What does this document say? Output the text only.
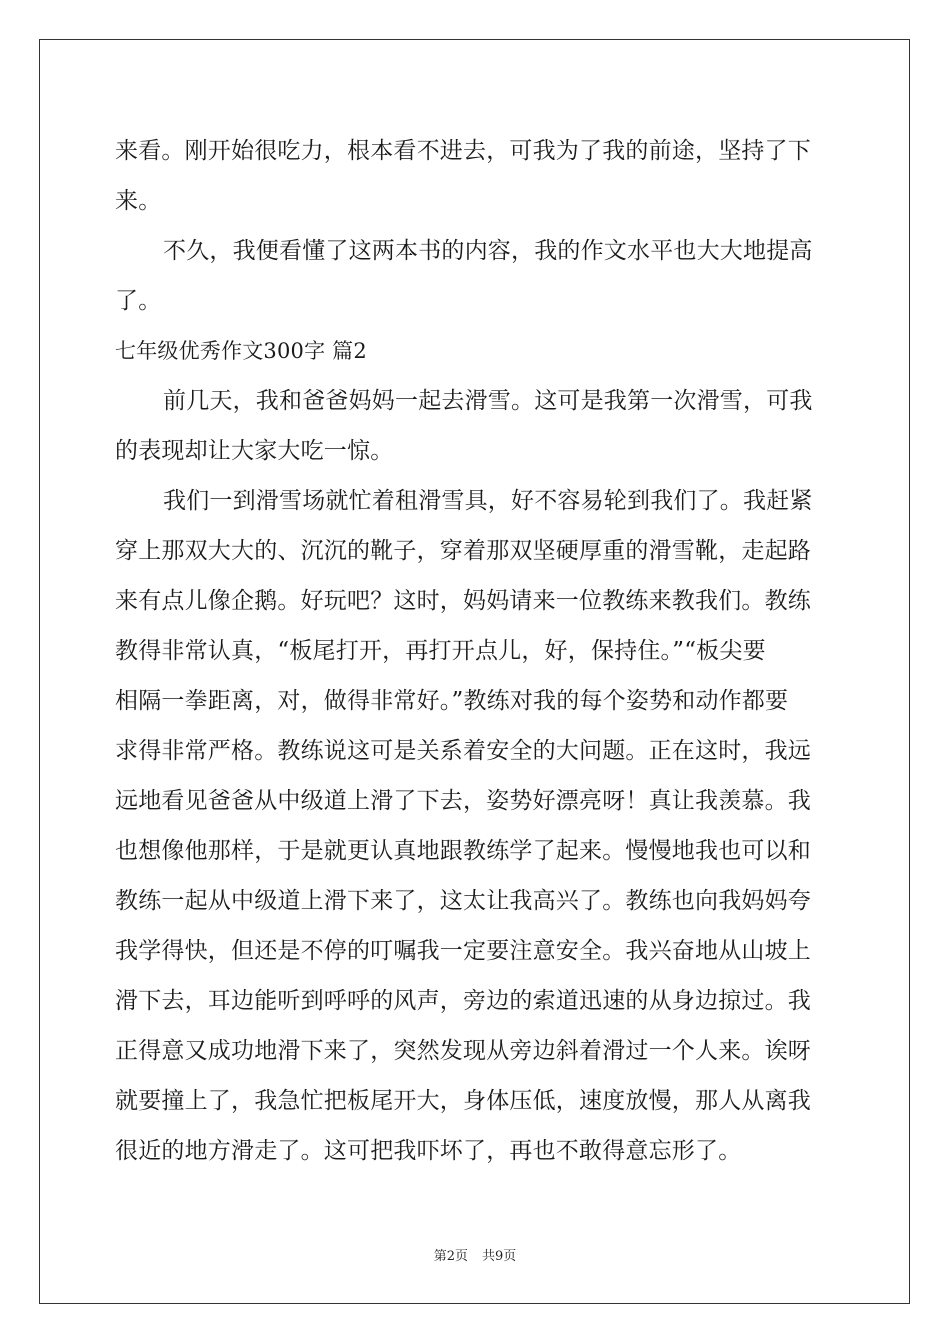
来看。刚开始很吃力，根本看不进去，可我为了我的前途，坚持了下
来。
不久，我便看懂了这两本书的内容，我的作文水平也大大地提高
了。
七年级优秀作文300字 篇2
前几天，我和爸爸妈妈一起去滑雪。这可是我第一次滑雪，可我
的表现却让大家大吃一惊。
我们一到滑雪场就忙着租滑雪具，好不容易轮到我们了。我赶紧
穿上那双大大的、沉沉的靴子，穿着那双坚硬厚重的滑雪靴，走起路
来有点儿像企鹅。好玩吧？这时，妈妈请来一位教练来教我们。教练
教得非常认真，“板尾打开，再打开点儿，好，保持住。”“板尖要
相隔一拳距离，对，做得非常好。”教练对我的每个姿势和动作都要
求得非常严格。教练说这可是关系着安全的大问题。正在这时，我远
远地看见爸爸从中级道上滑了下去，姿势好漂亮呀！真让我羡慕。我
也想像他那样，于是就更认真地跟教练学了起来。慢慢地我也可以和
教练一起从中级道上滑下来了，这太让我高兴了。教练也向我妈妈夸
我学得快，但还是不停的叮嘱我一定要注意安全。我兴奋地从山坡上
滑下去，耳边能听到呼呼的风声，旁边的索道迅速的从身边掠过。我
正得意又成功地滑下来了，突然发现从旁边斜着滑过一个人来。诶呀
就要撞上了，我急忙把板尾开大，身体压低，速度放慢，那人从离我
很近的地方滑走了。这可把我吓坏了，再也不敢得意忘形了。
第2页 共9页
